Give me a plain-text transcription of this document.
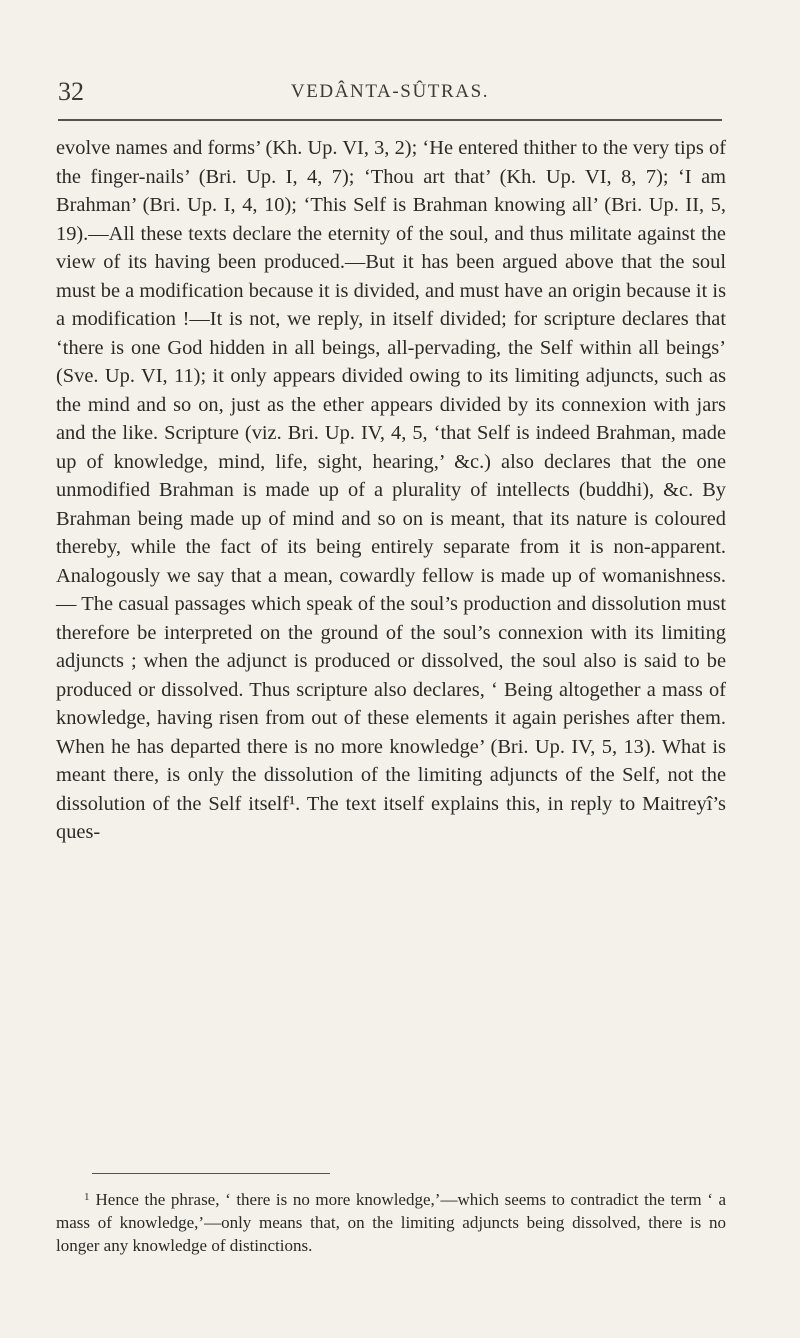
32	VEDÂNTA-SÛTRAS.

evolve names and forms’ (Kh. Up. VI, 3, 2); ‘He entered thither to the very tips of the finger-nails’ (Bri. Up. I, 4, 7); ‘Thou art that’ (Kh. Up. VI, 8, 7); ‘I am Brahman’ (Bri. Up. I, 4, 10); ‘This Self is Brahman knowing all’ (Bri. Up. II, 5, 19).—All these texts declare the eternity of the soul, and thus militate against the view of its having been produced.—But it has been argued above that the soul must be a modification because it is divided, and must have an origin because it is a modification !—It is not, we reply, in itself divided; for scripture declares that ‘there is one God hidden in all beings, all-pervading, the Self within all beings’ (Sve. Up. VI, 11); it only appears divided owing to its limiting adjuncts, such as the mind and so on, just as the ether appears divided by its connexion with jars and the like. Scripture (viz. Bri. Up. IV, 4, 5, ‘that Self is indeed Brahman, made up of knowledge, mind, life, sight, hearing,’ &c.) also declares that the one unmodified Brahman is made up of a plurality of intellects (buddhi), &c. By Brahman being made up of mind and so on is meant, that its nature is coloured thereby, while the fact of its being entirely separate from it is non-apparent. Analogously we say that a mean, cowardly fellow is made up of womanishness.— The casual passages which speak of the soul’s production and dissolution must therefore be interpreted on the ground of the soul’s connexion with its limiting adjuncts ; when the adjunct is produced or dissolved, the soul also is said to be produced or dissolved. Thus scripture also declares, ‘ Being altogether a mass of knowledge, having risen from out of these elements it again perishes after them. When he has departed there is no more knowledge’ (Bri. Up. IV, 5, 13). What is meant there, is only the dissolution of the limiting adjuncts of the Self, not the dissolution of the Self itself¹. The text itself explains this, in reply to Maitreyî’s ques-

$^1$ Hence the phrase, ‘ there is no more knowledge,’—which seems to contradict the term ‘ a mass of knowledge,’—only means that, on the limiting adjuncts being dissolved, there is no longer any knowledge of distinctions.
